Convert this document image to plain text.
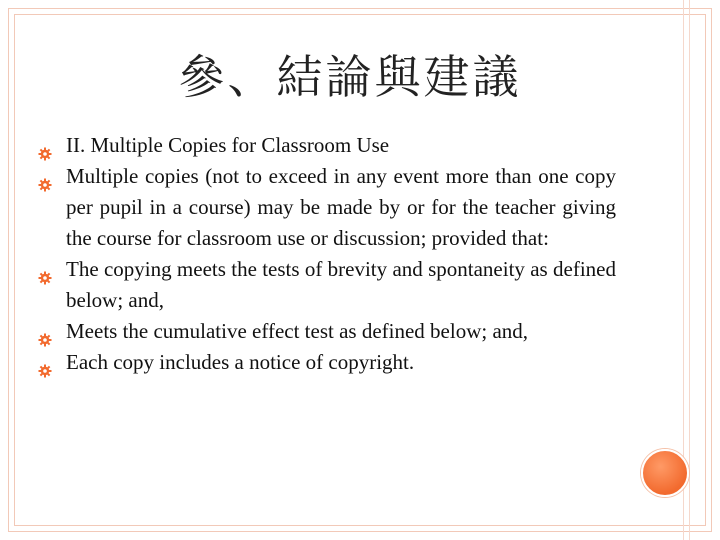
參、結論與建議
II. Multiple Copies for Classroom Use
Multiple copies (not to exceed in any event more than one copy per pupil in a course) may be made by or for the teacher giving the course for classroom use or discussion; provided that:
The copying meets the tests of brevity and spontaneity as defined below; and,
Meets the cumulative effect test as defined below; and,
Each copy includes a notice of copyright.
